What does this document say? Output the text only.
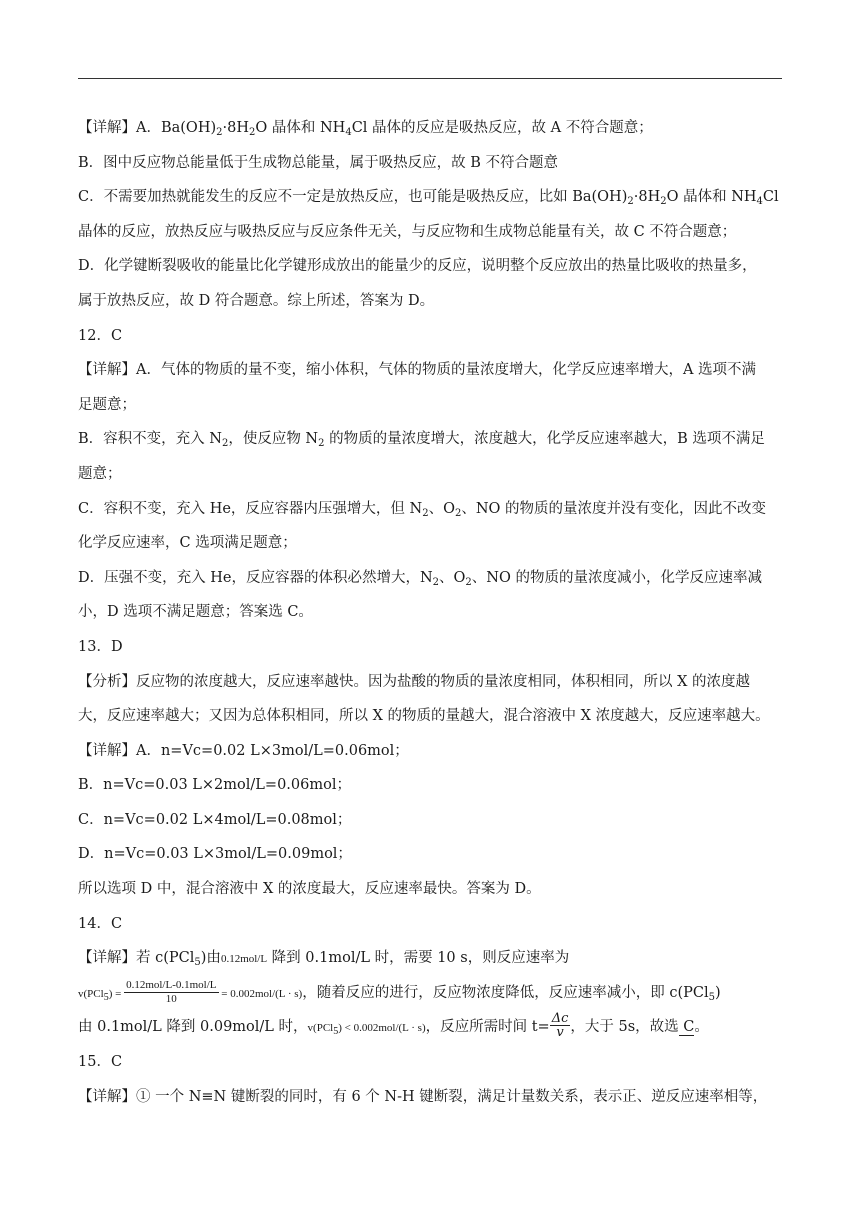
【详解】A．$Ba(OH)_2\cdot 8H_2O$ 晶体和 $NH_4Cl$ 晶体的反应是吸热反应，故 A 不符合题意；
B．图中反应物总能量低于生成物总能量，属于吸热反应，故 B 不符合题意
C．不需要加热就能发生的反应不一定是放热反应，也可能是吸热反应，比如 $Ba(OH)_2\cdot 8H_2O$ 晶体和 $NH_4Cl$
晶体的反应，放热反应与吸热反应与反应条件无关，与反应物和生成物总能量有关，故 C 不符合题意；
D．化学键断裂吸收的能量比化学键形成放出的能量少的反应，说明整个反应放出的热量比吸收的热量多，
属于放热反应，故 D 符合题意。综上所述，答案为 D。
12．C
【详解】A．气体的物质的量不变，缩小体积，气体的物质的量浓度增大，化学反应速率增大，A 选项不满
足题意；
B．容积不变，充入 $N_2$，使反应物 $N_2$ 的物质的量浓度增大，浓度越大，化学反应速率越大，B 选项不满足
题意；
C．容积不变，充入 He，反应容器内压强增大，但 $N_2$、$O_2$、NO 的物质的量浓度并没有变化，因此不改变
化学反应速率，C 选项满足题意；
D．压强不变，充入 He，反应容器的体积必然增大，$N_2$、$O_2$、NO 的物质的量浓度减小，化学反应速率减
小，D 选项不满足题意；答案选 C。
13．D
【分析】反应物的浓度越大，反应速率越快。因为盐酸的物质的量浓度相同，体积相同，所以 X 的浓度越
大，反应速率越大；又因为总体积相同，所以 X 的物质的量越大，混合溶液中 X 浓度越大，反应速率越大。
【详解】A．n=Vc=0.02 L×3mol/L=0.06mol；
B．n=Vc=0.03 L×2mol/L=0.06mol；
C．n=Vc=0.02 L×4mol/L=0.08mol；
D．n=Vc=0.03 L×3mol/L=0.09mol；
所以选项 D 中，混合溶液中 X 的浓度最大，反应速率最快。答案为 D。
14．C
【详解】若 c(PCl$_5$)由0.12mol/L 降到 0.1mol/L 时，需要 10 s，则反应速率为
$v(PCl_5) = \frac{\text{0.12mol/L-0.1mol/L}}{10} = 0.002mol/(L \cdot s)$，随着反应的进行，反应物浓度降低，反应速率减小，即 c(PCl$_5$)
由 0.1mol/L 降到 0.09mol/L 时，v(PCl$_5$) < 0.002mol/(L · s)，反应所需时间 $t= \frac{\Delta c}{v}$ ，大于 5s，故选 C。
15．C
【详解】① 一个 N≡N 键断裂的同时，有 6 个 N-H 键断裂，满足计量数关系，表示正、逆反应速率相等，
